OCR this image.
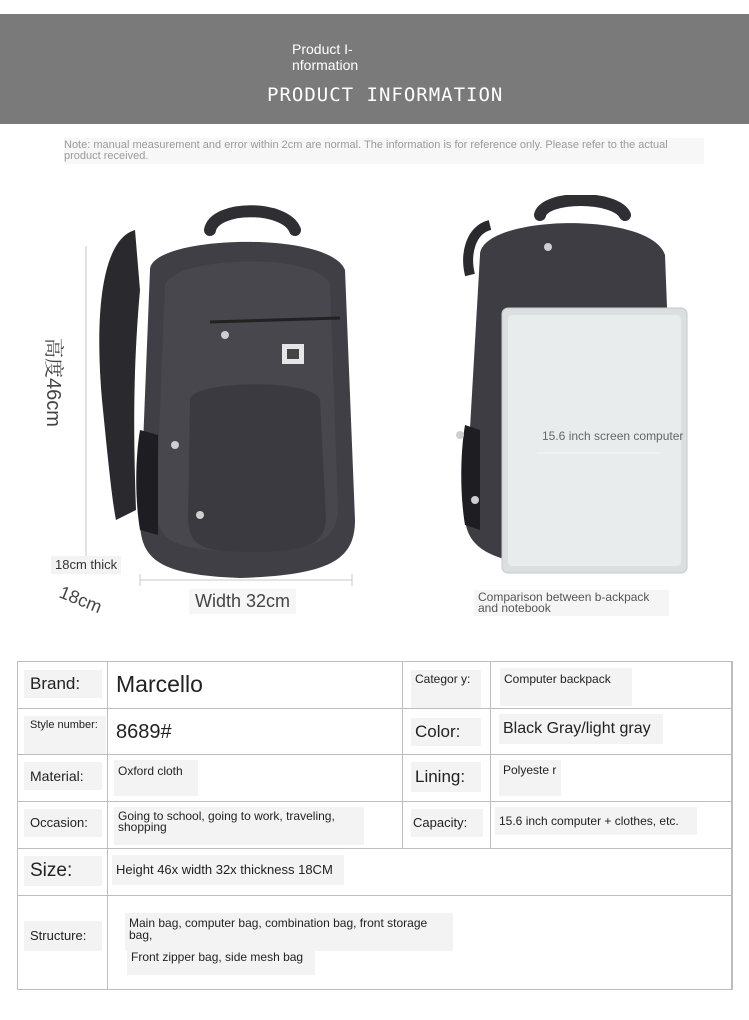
Product I-nformation
PRODUCT INFORMATION
Note: manual measurement and error within 2cm are normal. The information is for reference only. Please refer to the actual product received.
高度46cm
18cm thick
18cm	Width 32cm
15.6 inch screen computer
Comparison between b-ackpack and notebook
Brand:	Marcello	Categor y:	Computer backpack
Style number: 8689#	Color:	Black Gray/light gray
Material:	Oxford cloth	Lining:	Polyeste r
Occasion:	Going to school, going to work, traveling, shopping	Capacity:	15.6 inch computer + clothes, etc.
Size:	Height 46x width 32x thickness 18CM
Structure:
Main bag, computer bag, combination bag, front storage bag,
Front zipper bag, side mesh bag
